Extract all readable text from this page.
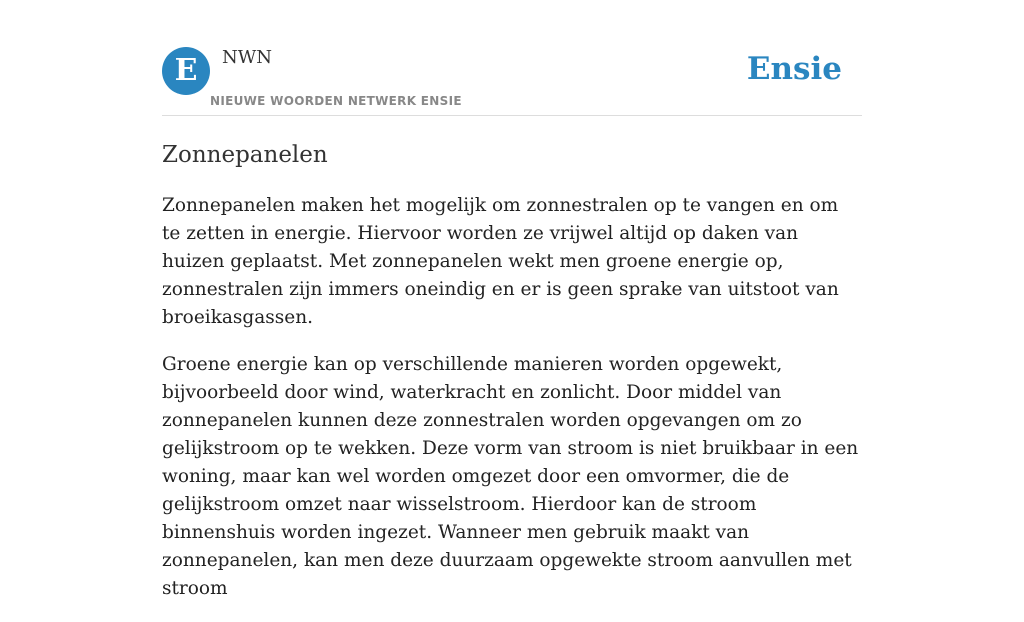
E	NWN
NIEUWE WOORDEN NETWERK ENSIE
Ensie
Zonnepanelen

Zonnepanelen maken het mogelijk om zonnestralen op te vangen en om te zetten in energie. Hiervoor worden ze vrijwel altijd op daken van huizen geplaatst. Met zonnepanelen wekt men groene energie op, zonnestralen zijn immers oneindig en er is geen sprake van uitstoot van broeikasgassen.

Groene energie kan op verschillende manieren worden opgewekt, bijvoorbeeld door wind, waterkracht en zonlicht. Door middel van zonnepanelen kunnen deze zonnestralen worden opgevangen om zo gelijkstroom op te wekken. Deze vorm van stroom is niet bruikbaar in een woning, maar kan wel worden omgezet door een omvormer, die de gelijkstroom omzet naar wisselstroom. Hierdoor kan de stroom binnenshuis worden ingezet. Wanneer men gebruik maakt van zonnepanelen, kan men deze duurzaam opgewekte stroom aanvullen met stroom
